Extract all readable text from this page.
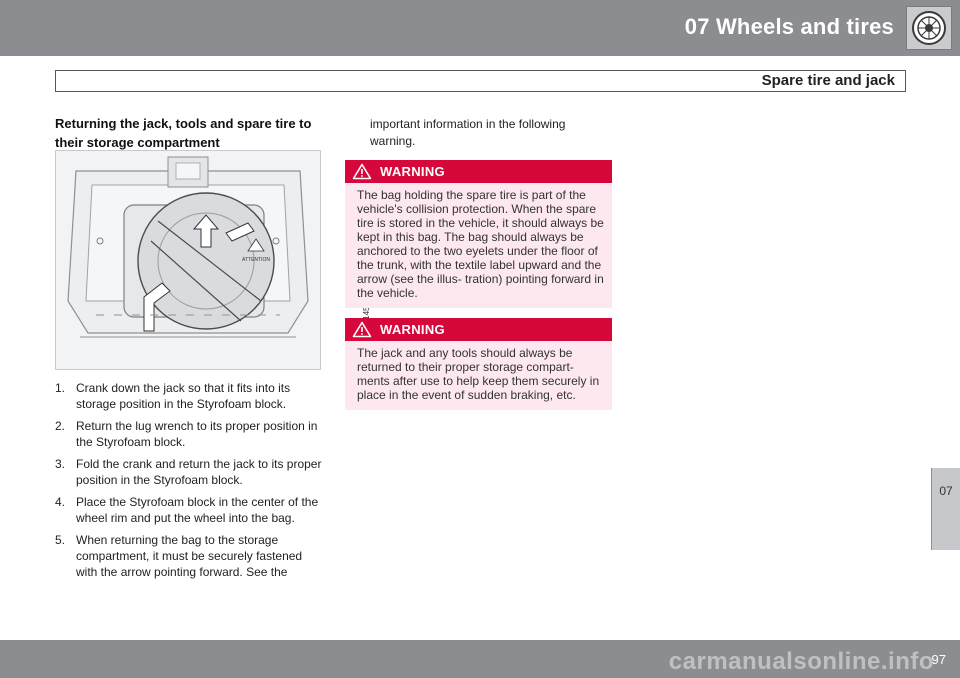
07 Wheels and tires
Spare tire and jack
07
Returning the jack, tools and spare tire to their storage compartment
ATTENTION
1. Crank down the jack so that it fits into its storage position in the Styrofoam block.
2. Return the lug wrench to its proper position in the Styrofoam block.
3. Fold the crank and return the jack to its proper position in the Styrofoam block.
4. Place the Styrofoam block in the center of the wheel rim and put the wheel into the bag.
5. When returning the bag to the storage compartment, it must be securely fastened with the arrow pointing forward. See the
important information in the following warning.
WARNING
The bag holding the spare tire is part of the vehicle's collision protection. When the spare tire is stored in the vehicle, it should always be kept in this bag. The bag should always be anchored to the two eyelets under the floor of the trunk, with the textile label upward and the arrow (see the illus- tration) pointing forward in the vehicle.
WARNING
The jack and any tools should always be returned to their proper storage compart- ments after use to help keep them securely in place in the event of sudden braking, etc.
carmanualsonline.info
97
